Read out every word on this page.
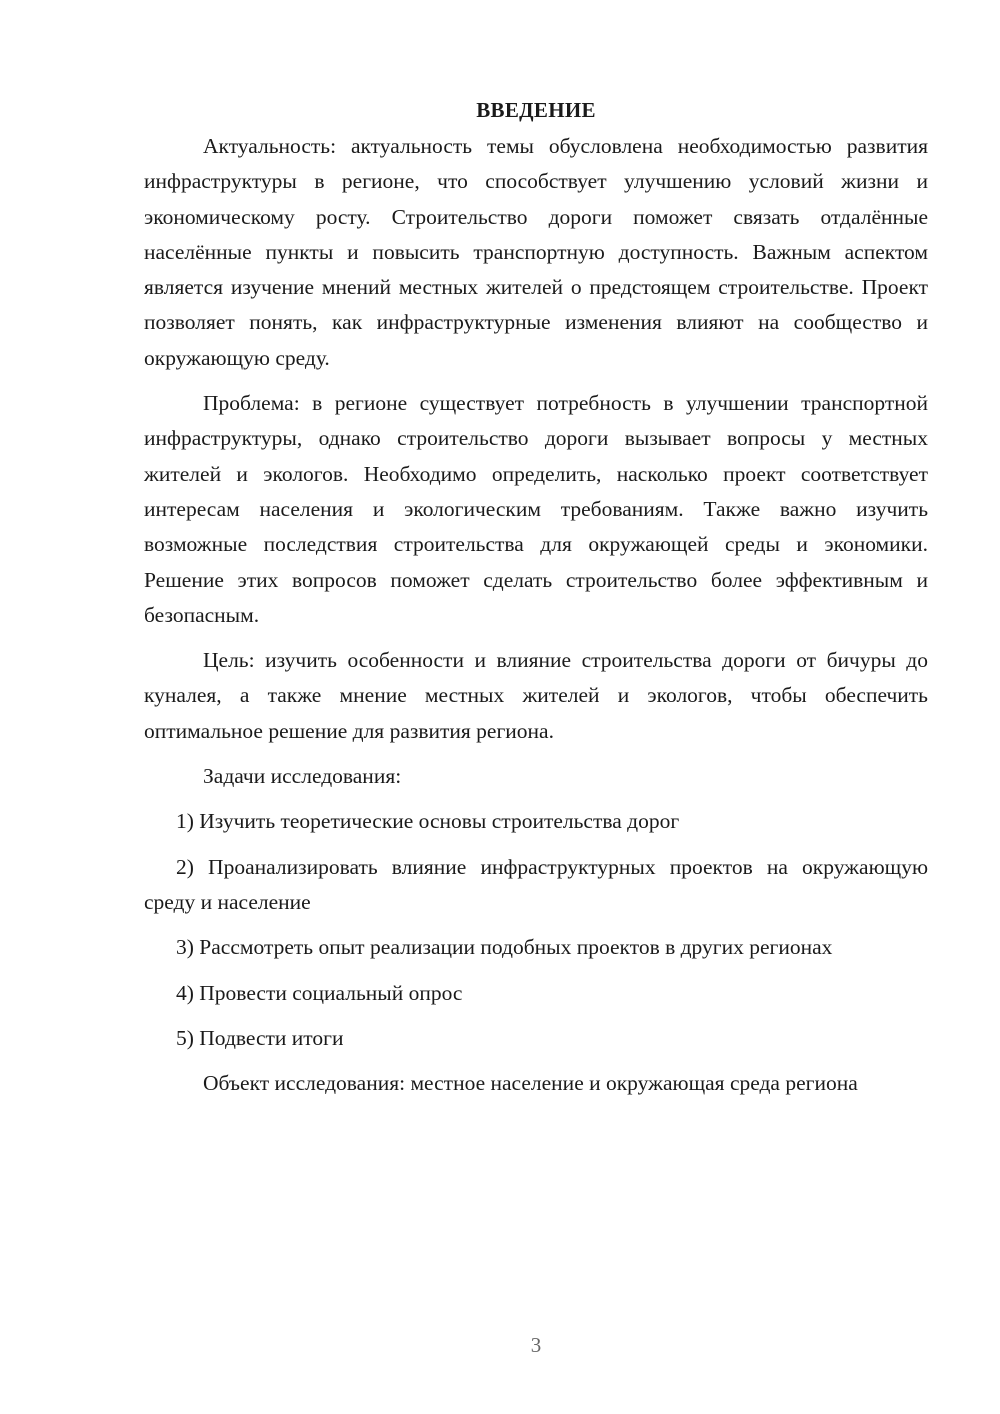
ВВЕДЕНИЕ

Актуальность: актуальность темы обусловлена необходимостью развития инфраструктуры в регионе, что способствует улучшению условий жизни и экономическому росту. Строительство дороги поможет связать отдалённые населённые пункты и повысить транспортную доступность. Важным аспектом является изучение мнений местных жителей о предстоящем строительстве. Проект позволяет понять, как инфраструктурные изменения влияют на сообщество и окружающую среду.

Проблема: в регионе существует потребность в улучшении транспортной инфраструктуры, однако строительство дороги вызывает вопросы у местных жителей и экологов. Необходимо определить, насколько проект соответствует интересам населения и экологическим требованиям. Также важно изучить возможные последствия строительства для окружающей среды и экономики. Решение этих вопросов поможет сделать строительство более эффективным и безопасным.

Цель: изучить особенности и влияние строительства дороги от бичуры до куналея, а также мнение местных жителей и экологов, чтобы обеспечить оптимальное решение для развития региона.

Задачи исследования:

1) Изучить теоретические основы строительства дорог

2) Проанализировать влияние инфраструктурных проектов на окружающую среду и население

3) Рассмотреть опыт реализации подобных проектов в других регионах

4) Провести социальный опрос

5) Подвести итоги

Объект исследования: местное население и окружающая среда региона

3
